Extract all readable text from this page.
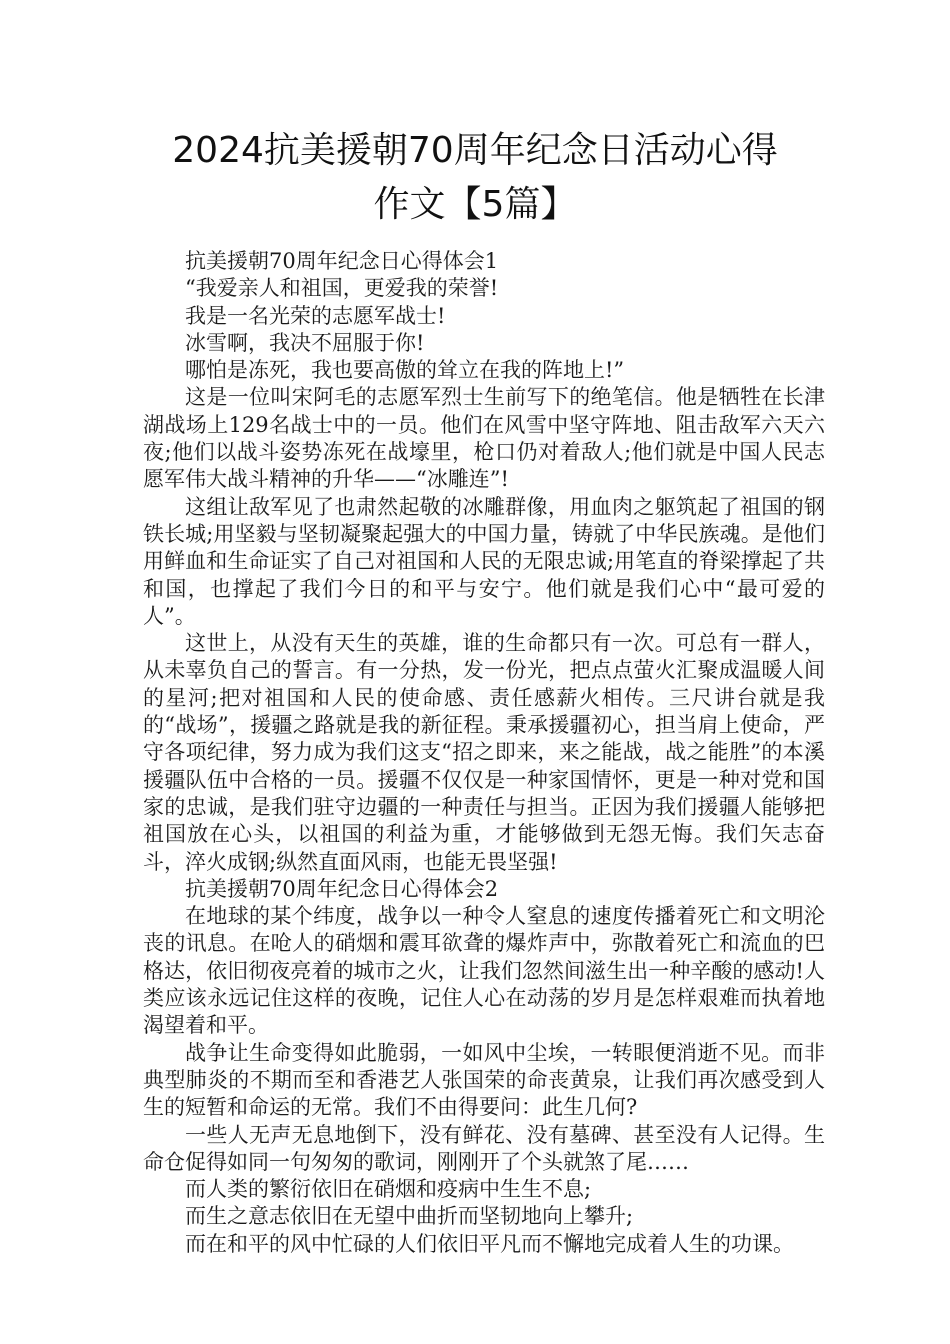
2024抗美援朝70周年纪念日活动心得
作文【5篇】

抗美援朝70周年纪念日心得体会1

“我爱亲人和祖国，更爱我的荣誉!

我是一名光荣的志愿军战士!

冰雪啊，我决不屈服于你!

哪怕是冻死，我也要高傲的耸立在我的阵地上!”

这是一位叫宋阿毛的志愿军烈士生前写下的绝笔信。他是牺牲在长津湖战场上129名战士中的一员。他们在风雪中坚守阵地、阻击敌军六天六夜;他们以战斗姿势冻死在战壕里，枪口仍对着敌人;他们就是中国人民志愿军伟大战斗精神的升华——“冰雕连”!

这组让敌军见了也肃然起敬的冰雕群像，用血肉之躯筑起了祖国的钢铁长城;用坚毅与坚韧凝聚起强大的中国力量，铸就了中华民族魂。是他们用鲜血和生命证实了自己对祖国和人民的无限忠诚;用笔直的脊梁撑起了共和国，也撑起了我们今日的和平与安宁。他们就是我们心中“最可爱的人”。

这世上，从没有天生的英雄，谁的生命都只有一次。可总有一群人，从未辜负自己的誓言。有一分热，发一份光，把点点萤火汇聚成温暖人间的星河;把对祖国和人民的使命感、责任感薪火相传。三尺讲台就是我的“战场”，援疆之路就是我的新征程。秉承援疆初心，担当肩上使命，严守各项纪律，努力成为我们这支“招之即来，来之能战，战之能胜”的本溪援疆队伍中合格的一员。援疆不仅仅是一种家国情怀，更是一种对党和国家的忠诚，是我们驻守边疆的一种责任与担当。正因为我们援疆人能够把祖国放在心头，以祖国的利益为重，才能够做到无怨无悔。我们矢志奋斗，淬火成钢;纵然直面风雨，也能无畏坚强!

抗美援朝70周年纪念日心得体会2

在地球的某个纬度，战争以一种令人窒息的速度传播着死亡和文明沦丧的讯息。在呛人的硝烟和震耳欲聋的爆炸声中，弥散着死亡和流血的巴格达，依旧彻夜亮着的城市之火，让我们忽然间滋生出一种辛酸的感动!人类应该永远记住这样的夜晚，记住人心在动荡的岁月是怎样艰难而执着地渴望着和平。

战争让生命变得如此脆弱，一如风中尘埃，一转眼便消逝不见。而非典型肺炎的不期而至和香港艺人张国荣的命丧黄泉，让我们再次感受到人生的短暂和命运的无常。我们不由得要问：此生几何?

一些人无声无息地倒下，没有鲜花、没有墓碑、甚至没有人记得。生命仓促得如同一句匆匆的歌词，刚刚开了个头就煞了尾……

而人类的繁衍依旧在硝烟和疫病中生生不息;

而生之意志依旧在无望中曲折而坚韧地向上攀升;

而在和平的风中忙碌的人们依旧平凡而不懈地完成着人生的功课。
